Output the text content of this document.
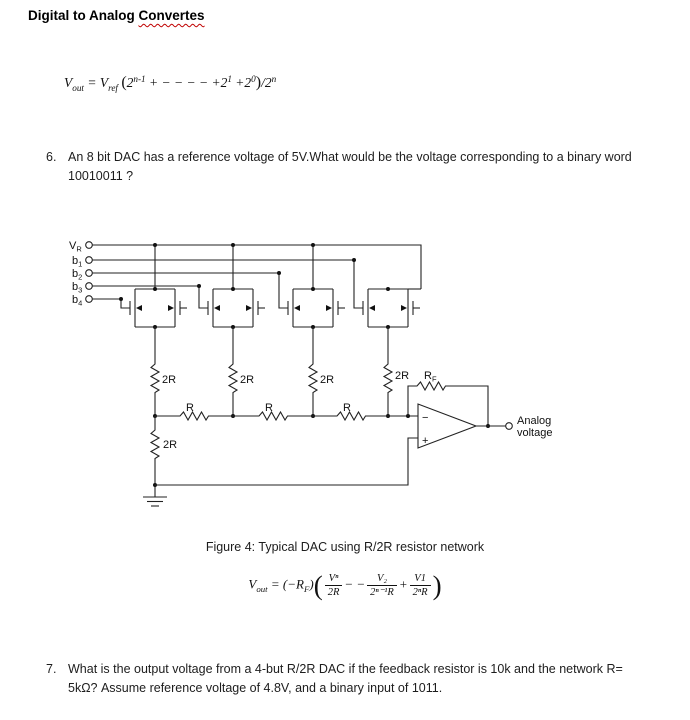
Digital to Analog Convertes
$V_{out} = V_{ref}$ ($2^{n-1}$ + − − − − $+2^1 +2^0)/2^n$
6. An 8 bit DAC has a reference voltage of 5V.What would be the voltage corresponding to a binary word 10010011 ?
$V_R$
$b_1$
$b_2$
$b_3$
$b_4$
2R	2R	2R	2R
2R
R	R	R
$R_F$
−
+
Analog
voltage
Figure 4: Typical DAC using R/2R resistor network
$V_{out} = (-R_F)( \frac{\text{Vⁿ}}{2R}$ − − $\frac{\text{V₂}}{\text{2ⁿ⁻¹R}} + \frac{V1}{\text{2ⁿR}}$ )
7. What is the output voltage from a 4-but R/2R DAC if the feedback resistor is 10k and the network R= 5kΩ? Assume reference voltage of 4.8V, and a binary input of 1011.
